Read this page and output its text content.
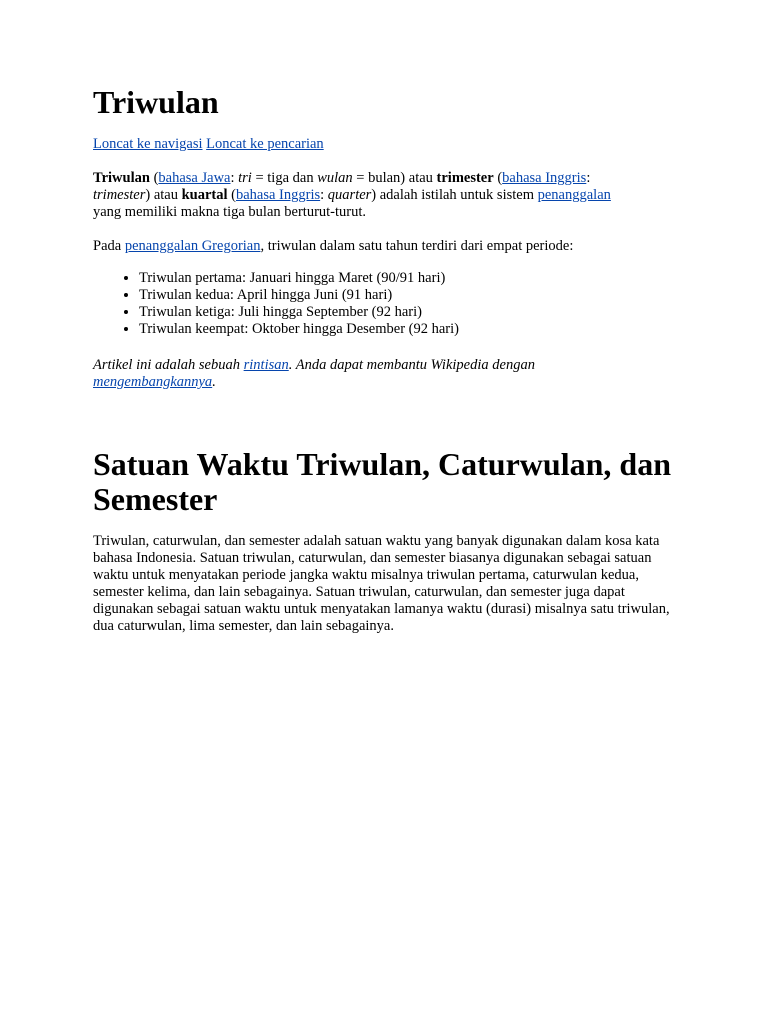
Triwulan

Loncat ke navigasi Loncat ke pencarian

Triwulan (bahasa Jawa: tri = tiga dan wulan = bulan) atau trimester (bahasa Inggris:
trimester) atau kuartal (bahasa Inggris: quarter) adalah istilah untuk sistem penanggalan
yang memiliki makna tiga bulan berturut-turut.

Pada penanggalan Gregorian, triwulan dalam satu tahun terdiri dari empat periode:

• Triwulan pertama: Januari hingga Maret (90/91 hari)
• Triwulan kedua: April hingga Juni (91 hari)
• Triwulan ketiga: Juli hingga September (92 hari)
• Triwulan keempat: Oktober hingga Desember (92 hari)

Artikel ini adalah sebuah rintisan. Anda dapat membantu Wikipedia dengan
mengembangkannya.

Satuan Waktu Triwulan, Caturwulan, dan Semester

Triwulan, caturwulan, dan semester adalah satuan waktu yang banyak digunakan dalam kosa kata bahasa Indonesia. Satuan triwulan, caturwulan, dan semester biasanya digunakan sebagai satuan waktu untuk menyatakan periode jangka waktu misalnya triwulan pertama, caturwulan kedua, semester kelima, dan lain sebagainya. Satuan triwulan, caturwulan, dan semester juga dapat digunakan sebagai satuan waktu untuk menyatakan lamanya waktu (durasi) misalnya satu triwulan, dua caturwulan, lima semester, dan lain sebagainya.
